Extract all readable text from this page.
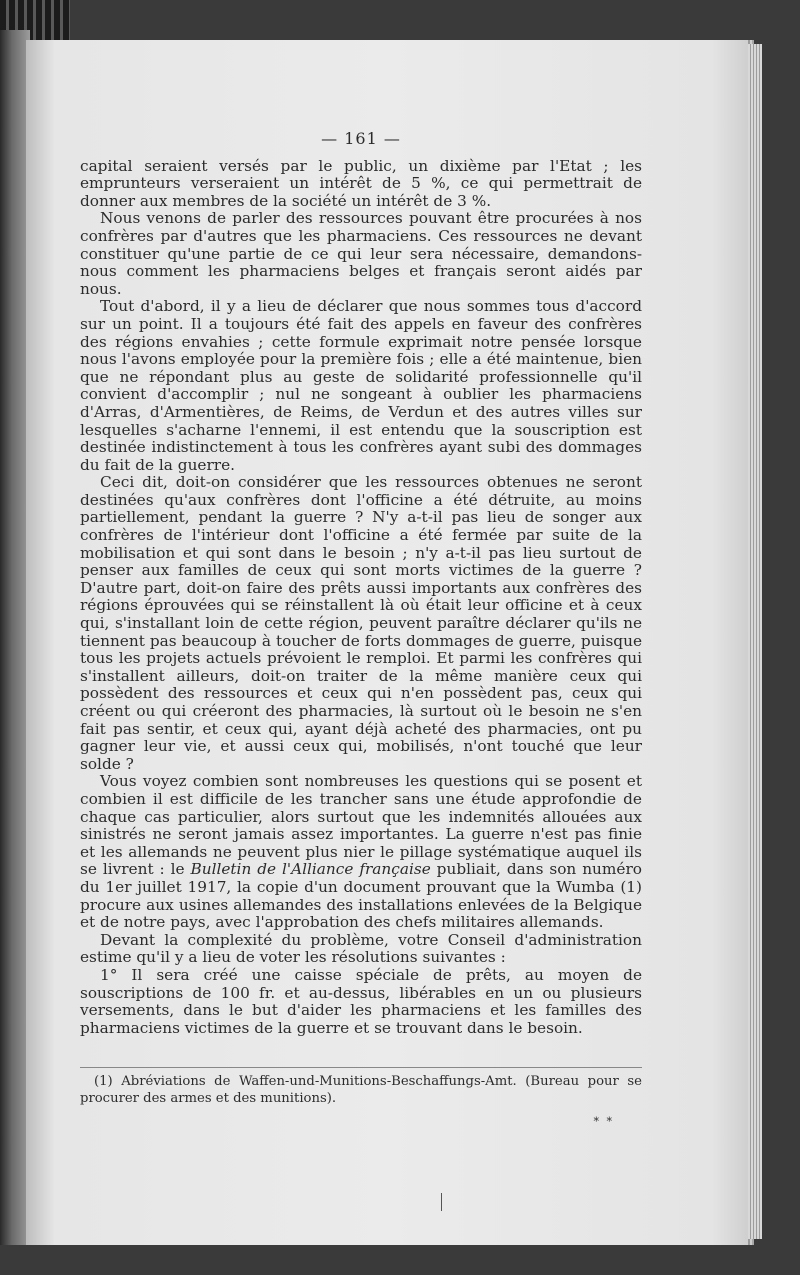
— 161 —

capital seraient versés par le public, un dixième par l'Etat ; les emprunteurs verseraient un intérêt de 5 %, ce qui permettrait de donner aux membres de la société un intérêt de 3 %.

Nous venons de parler des ressources pouvant être procurées à nos confrères par d'autres que les pharmaciens. Ces ressources ne devant constituer qu'une partie de ce qui leur sera nécessaire, demandons-nous comment les pharmaciens belges et français seront aidés par nous.

Tout d'abord, il y a lieu de déclarer que nous sommes tous d'accord sur un point. Il a toujours été fait des appels en faveur des confrères des régions envahies ; cette formule exprimait notre pensée lorsque nous l'avons employée pour la première fois ; elle a été maintenue, bien que ne répondant plus au geste de solidarité professionnelle qu'il convient d'accomplir ; nul ne songeant à oublier les pharmaciens d'Arras, d'Armentières, de Reims, de Verdun et des autres villes sur lesquelles s'acharne l'ennemi, il est entendu que la souscription est destinée indistinctement à tous les confrères ayant subi des dommages du fait de la guerre.

Ceci dit, doit-on considérer que les ressources obtenues ne seront destinées qu'aux confrères dont l'officine a été détruite, au moins partiellement, pendant la guerre ? N'y a-t-il pas lieu de songer aux confrères de l'intérieur dont l'officine a été fermée par suite de la mobilisation et qui sont dans le besoin ; n'y a-t-il pas lieu surtout de penser aux familles de ceux qui sont morts victimes de la guerre ? D'autre part, doit-on faire des prêts aussi importants aux confrères des régions éprouvées qui se réinstallent là où était leur officine et à ceux qui, s'installant loin de cette région, peuvent paraître déclarer qu'ils ne tiennent pas beaucoup à toucher de forts dommages de guerre, puisque tous les projets actuels prévoient le remploi. Et parmi les confrères qui s'installent ailleurs, doit-on traiter de la même manière ceux qui possèdent des ressources et ceux qui n'en possèdent pas, ceux qui créent ou qui créeront des pharmacies, là surtout où le besoin ne s'en fait pas sentir, et ceux qui, ayant déjà acheté des pharmacies, ont pu gagner leur vie, et aussi ceux qui, mobilisés, n'ont touché que leur solde ?

Vous voyez combien sont nombreuses les questions qui se posent et combien il est difficile de les trancher sans une étude approfondie de chaque cas particulier, alors surtout que les indemnités allouées aux sinistrés ne seront jamais assez importantes. La guerre n'est pas finie et les allemands ne peuvent plus nier le pillage systématique auquel ils se livrent : le Bulletin de l'Alliance française publiait, dans son numéro du 1er juillet 1917, la copie d'un document prouvant que la Wumba (1) procure aux usines allemandes des installations enlevées de la Belgique et de notre pays, avec l'approbation des chefs militaires allemands.

Devant la complexité du problème, votre Conseil d'administration estime qu'il y a lieu de voter les résolutions suivantes :

1° Il sera créé une caisse spéciale de prêts, au moyen de souscriptions de 100 fr. et au-dessus, libérables en un ou plusieurs versements, dans le but d'aider les pharmaciens et les familles des pharmaciens victimes de la guerre et se trouvant dans le besoin.

(1) Abréviations de Waffen-und-Munitions-Beschaffungs-Amt. (Bureau pour se procurer des armes et des munitions).

* *
